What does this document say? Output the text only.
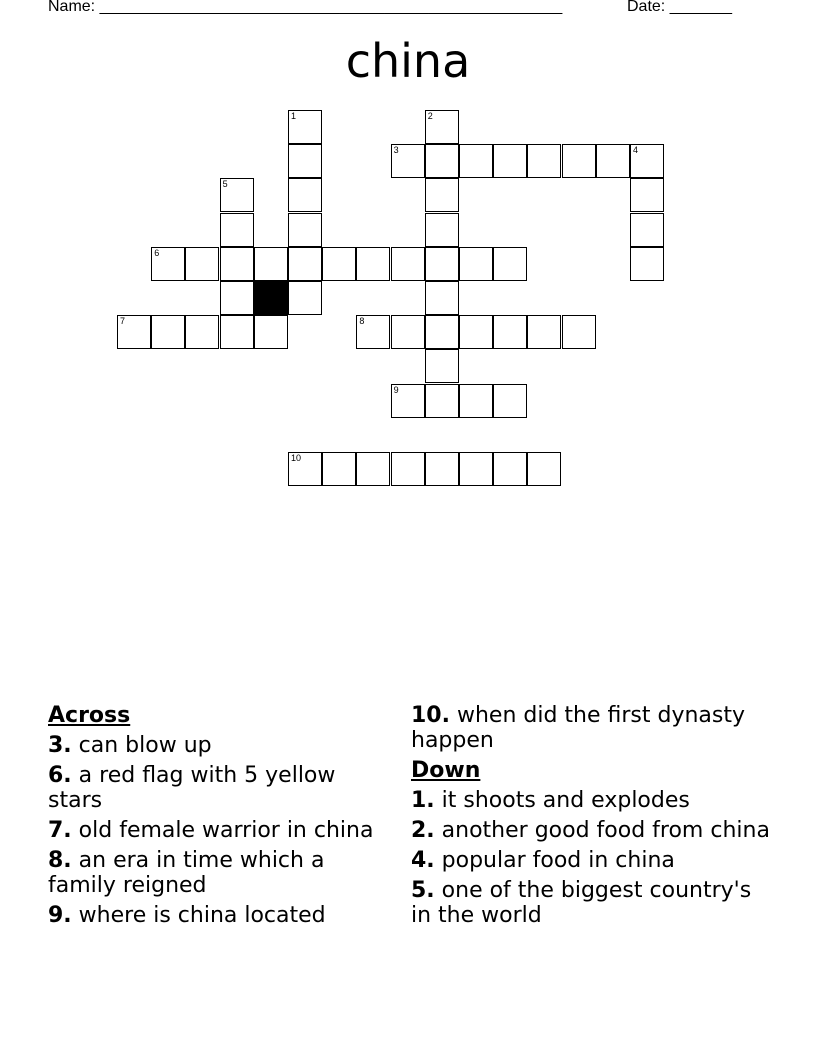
Name: ____________________________________________________	Date: _______
china
1	2
3	4
5
6
7	8
9
10
Across
3. can blow up
6. a red flag with 5 yellow stars
7. old female warrior in china
8. an era in time which a family reigned
9. where is china located
10. when did the first dynasty happen
Down
1. it shoots and explodes
2. another good food from china
4. popular food in china
5. one of the biggest country's in the world
